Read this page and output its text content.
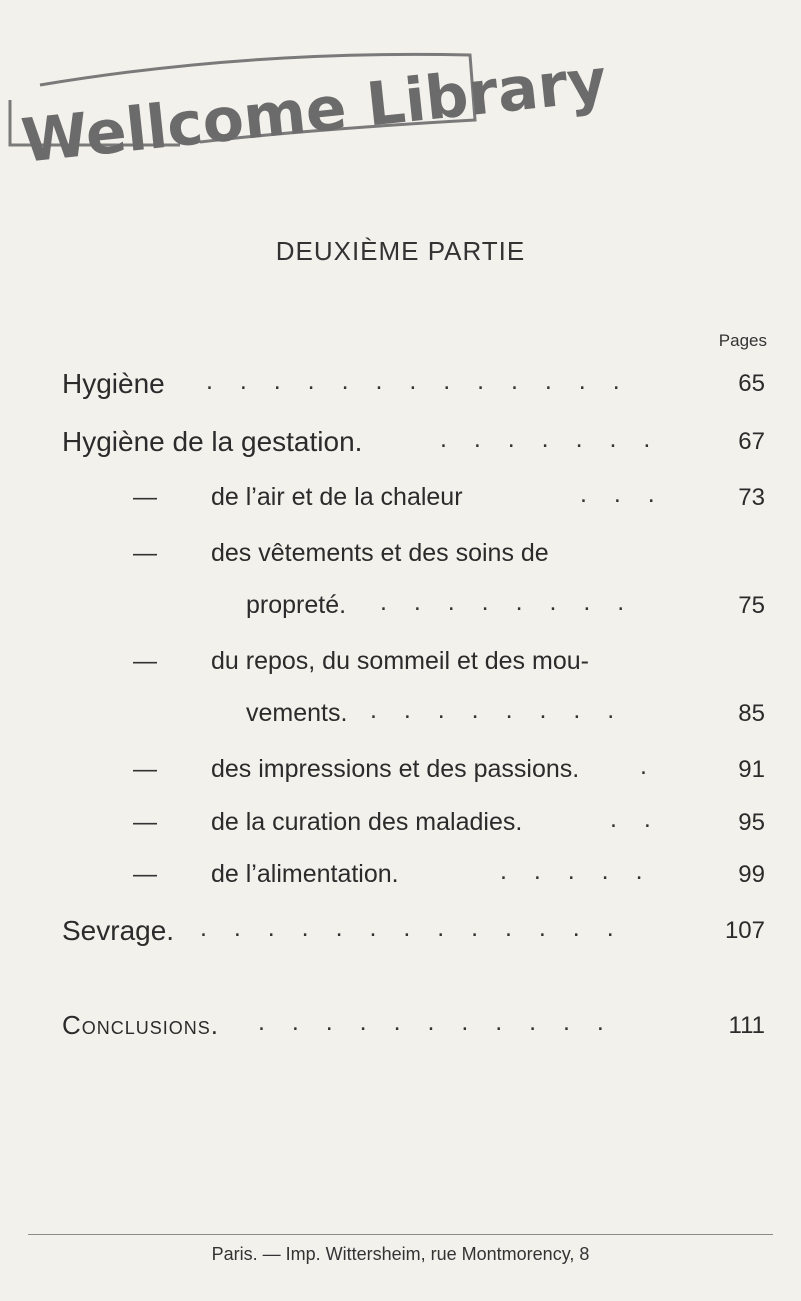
Wellcome Library
DEUXIÈME PARTIE
Pages
Hygiène . . . . . . . . . . . . .	65
Hygiène de la gestation.	. . . . . . .	67
— de l’air et de la chaleur	. . .	73
— des vêtements et des soins de
propreté. . . . . . . . .	75
— du repos, du sommeil et des mou-
vements. . . . . . . . .	85
— des impressions et des passions. .	91
— de la curation des maladies.	. .	95
— de l’alimentation.	. . . . .	99
Sevrage. . . . . . . . . . . . . .	107
Conclusions. . . . . . . . . . . .	111
Paris. — Imp. Wittersheim, rue Montmorency, 8
